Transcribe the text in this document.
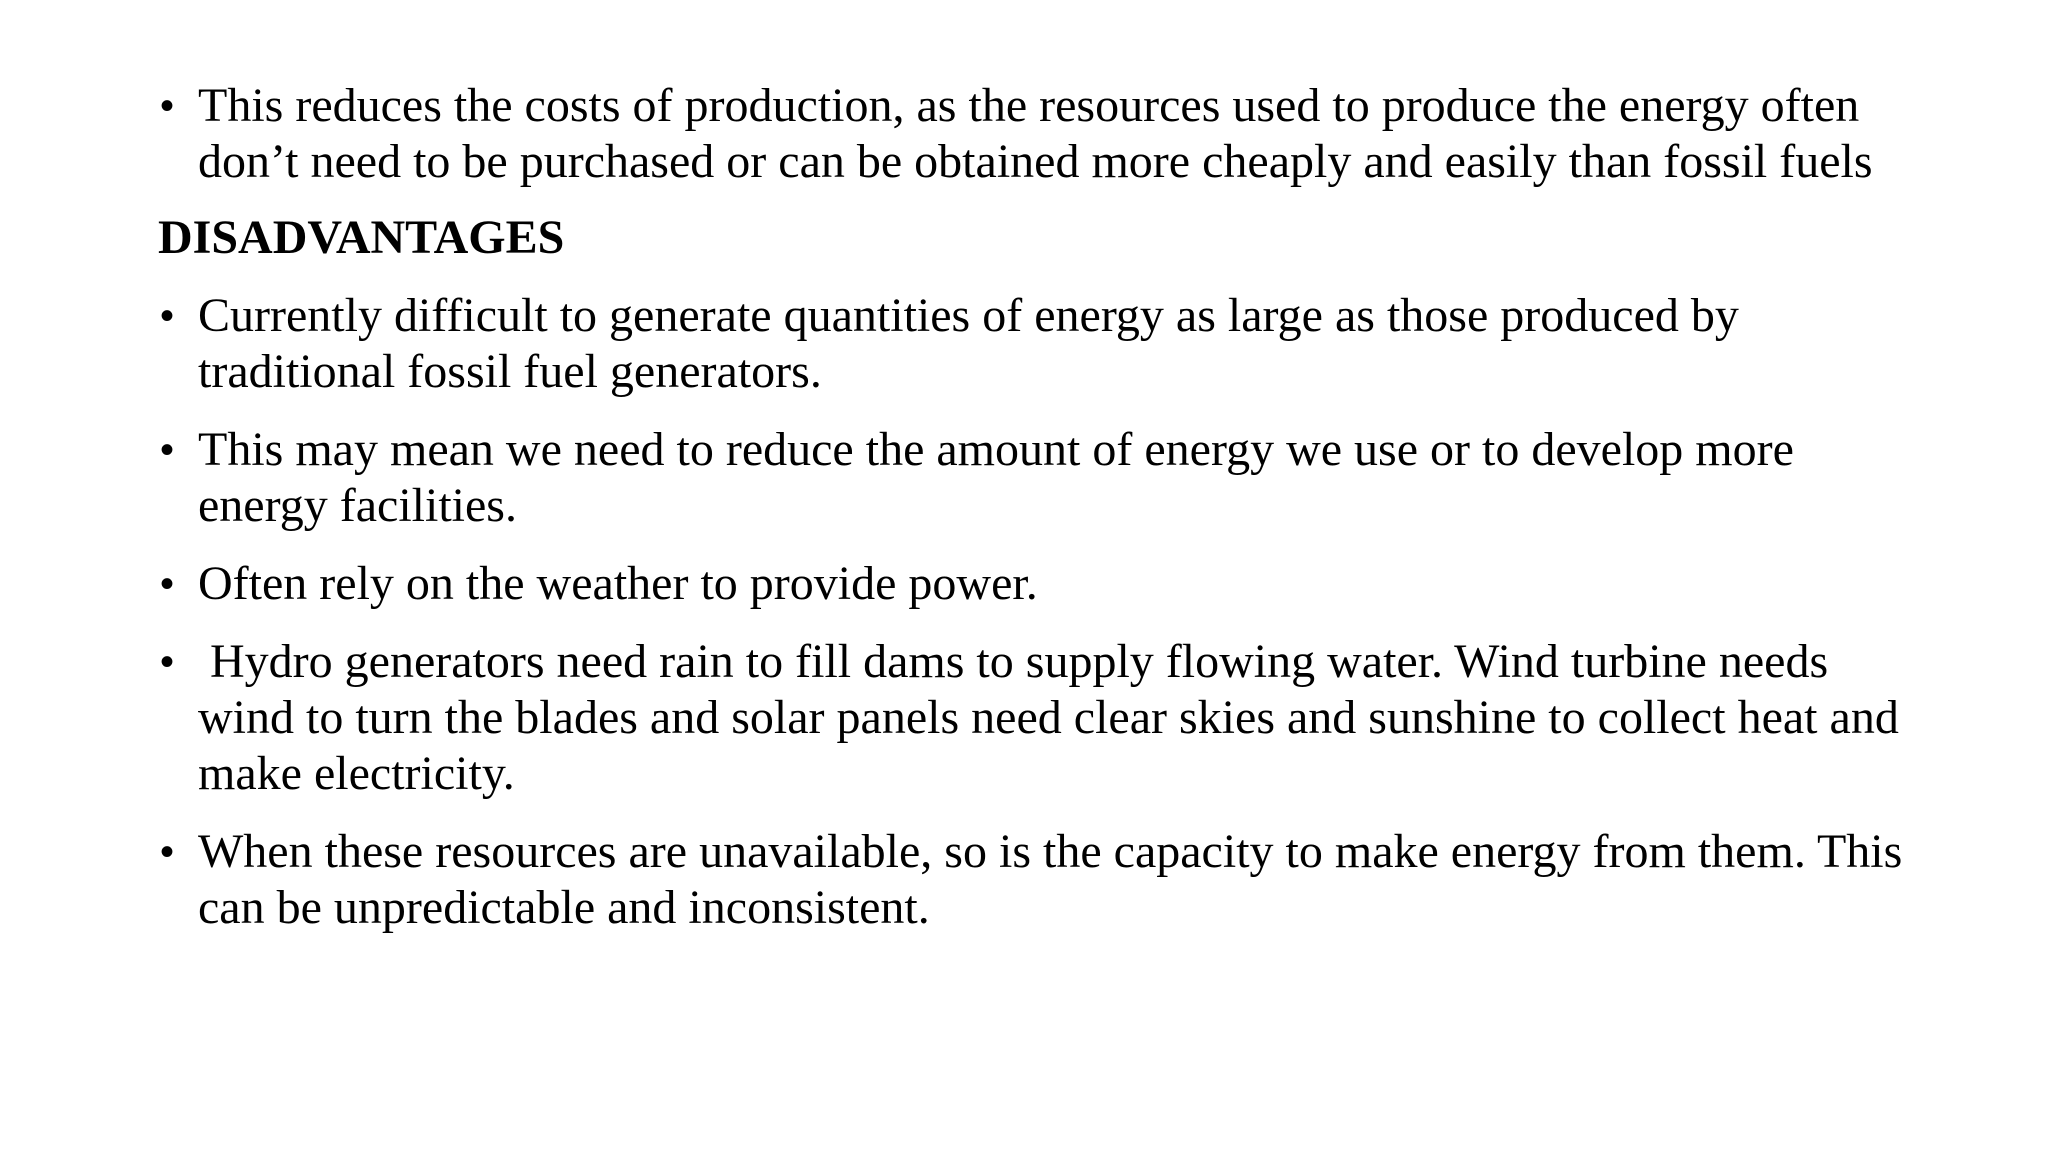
• This reduces the costs of production, as the resources used to produce the energy often don’t need to be purchased or can be obtained more cheaply and easily than fossil fuels
DISADVANTAGES
• Currently difficult to generate quantities of energy as large as those produced by traditional fossil fuel generators.
• This may mean we need to reduce the amount of energy we use or to develop more energy facilities.
• Often rely on the weather to provide power.
• Hydro generators need rain to fill dams to supply flowing water. Wind turbine needs wind to turn the blades and solar panels need clear skies and sunshine to collect heat and make electricity.
• When these resources are unavailable, so is the capacity to make energy from them. This can be unpredictable and inconsistent.
